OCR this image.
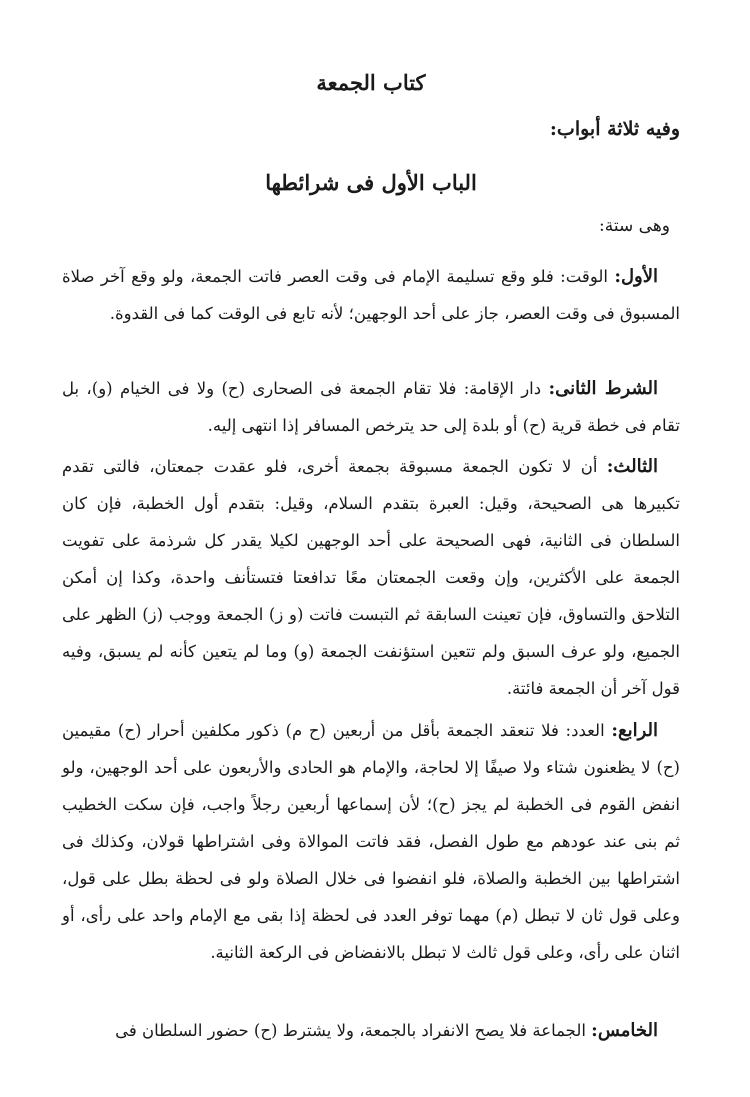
كتاب الجمعة
وفيه ثلاثة أبواب:
الباب الأول فى شرائطها
وهى ستة:
الأول: الوقت: فلو وقع تسليمة الإمام فى وقت العصر فاتت الجمعة، ولو وقع آخر صلاة المسبوق فى وقت العصر، جاز على أحد الوجهين؛ لأنه تابع فى الوقت كما فى القدوة.
الشرط الثانى: دار الإقامة: فلا تقام الجمعة فى الصحارى (ح) ولا فى الخيام (و)، بل تقام فى خطة قرية (ح) أو بلدة إلى حد يترخص المسافر إذا انتهى إليه.
الثالث: أن لا تكون الجمعة مسبوقة بجمعة أخرى، فلو عقدت جمعتان، فالتى تقدم تكبيرها هى الصحيحة، وقيل: العبرة بتقدم السلام، وقيل: بتقدم أول الخطبة، فإن كان السلطان فى الثانية، فهى الصحيحة على أحد الوجهين لكيلا يقدر كل شرذمة على تفويت الجمعة على الأكثرين، وإن وقعت الجمعتان معًا تدافعتا فتستأنف واحدة، وكذا إن أمكن التلاحق والتساوق، فإن تعينت السابقة ثم التبست فاتت (و ز) الجمعة ووجب (ز) الظهر على الجميع، ولو عرف السبق ولم تتعين استؤنفت الجمعة (و) وما لم يتعين كأنه لم يسبق، وفيه قول آخر أن الجمعة فائتة.
الرابع: العدد: فلا تنعقد الجمعة بأقل من أربعين (ح م) ذكور مكلفين أحرار (ح) مقيمين (ح) لا يظعنون شتاء ولا صيفًا إلا لحاجة، والإمام هو الحادى والأربعون على أحد الوجهين، ولو انفض القوم فى الخطبة لم يجز (ح)؛ لأن إسماعها أربعين رجلاً واجب، فإن سكت الخطيب ثم بنى عند عودهم مع طول الفصل، فقد فاتت الموالاة وفى اشتراطها قولان، وكذلك فى اشتراطها بين الخطبة والصلاة، فلو انفضوا فى خلال الصلاة ولو فى لحظة بطل على قول، وعلى قول ثان لا تبطل (م) مهما توفر العدد فى لحظة إذا بقى مع الإمام واحد على رأى، أو اثنان على رأى، وعلى قول ثالث لا تبطل بالانفضاض فى الركعة الثانية.
الخامس: الجماعة فلا يصح الانفراد بالجمعة، ولا يشترط (ح) حضور السلطان فى
